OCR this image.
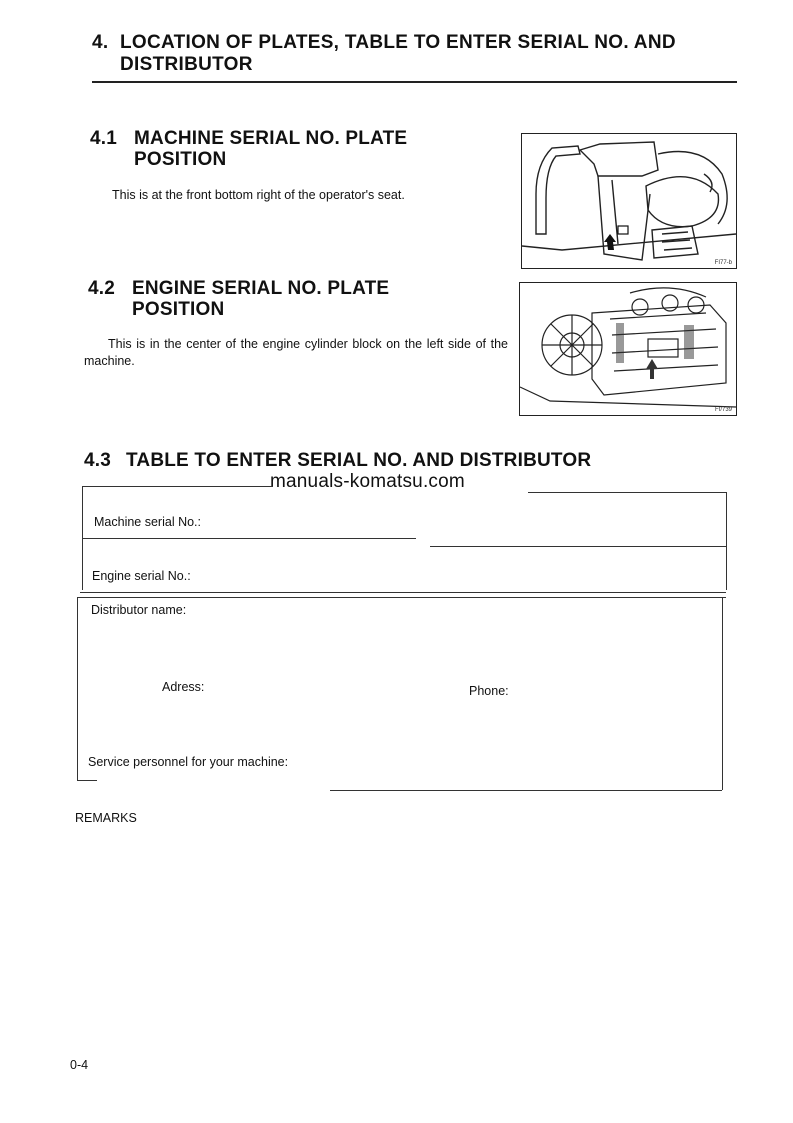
4. LOCATION OF PLATES, TABLE TO ENTER SERIAL NO. AND
DISTRIBUTOR
4.1 MACHINE SERIAL NO. PLATE
POSITION
This is at the front bottom right of the operator's seat.
FI77-b
4.2 ENGINE SERIAL NO. PLATE
POSITION
This is in the center of the engine cylinder block on the left side of the machine.
FI/739
4.3 TABLE TO ENTER SERIAL NO. AND DISTRIBUTOR
manuals-komatsu.com
Machine serial No.:
Engine serial No.:
Distributor name:
Adress:	Phone:
Service personnel for your machine:
REMARKS
0-4
